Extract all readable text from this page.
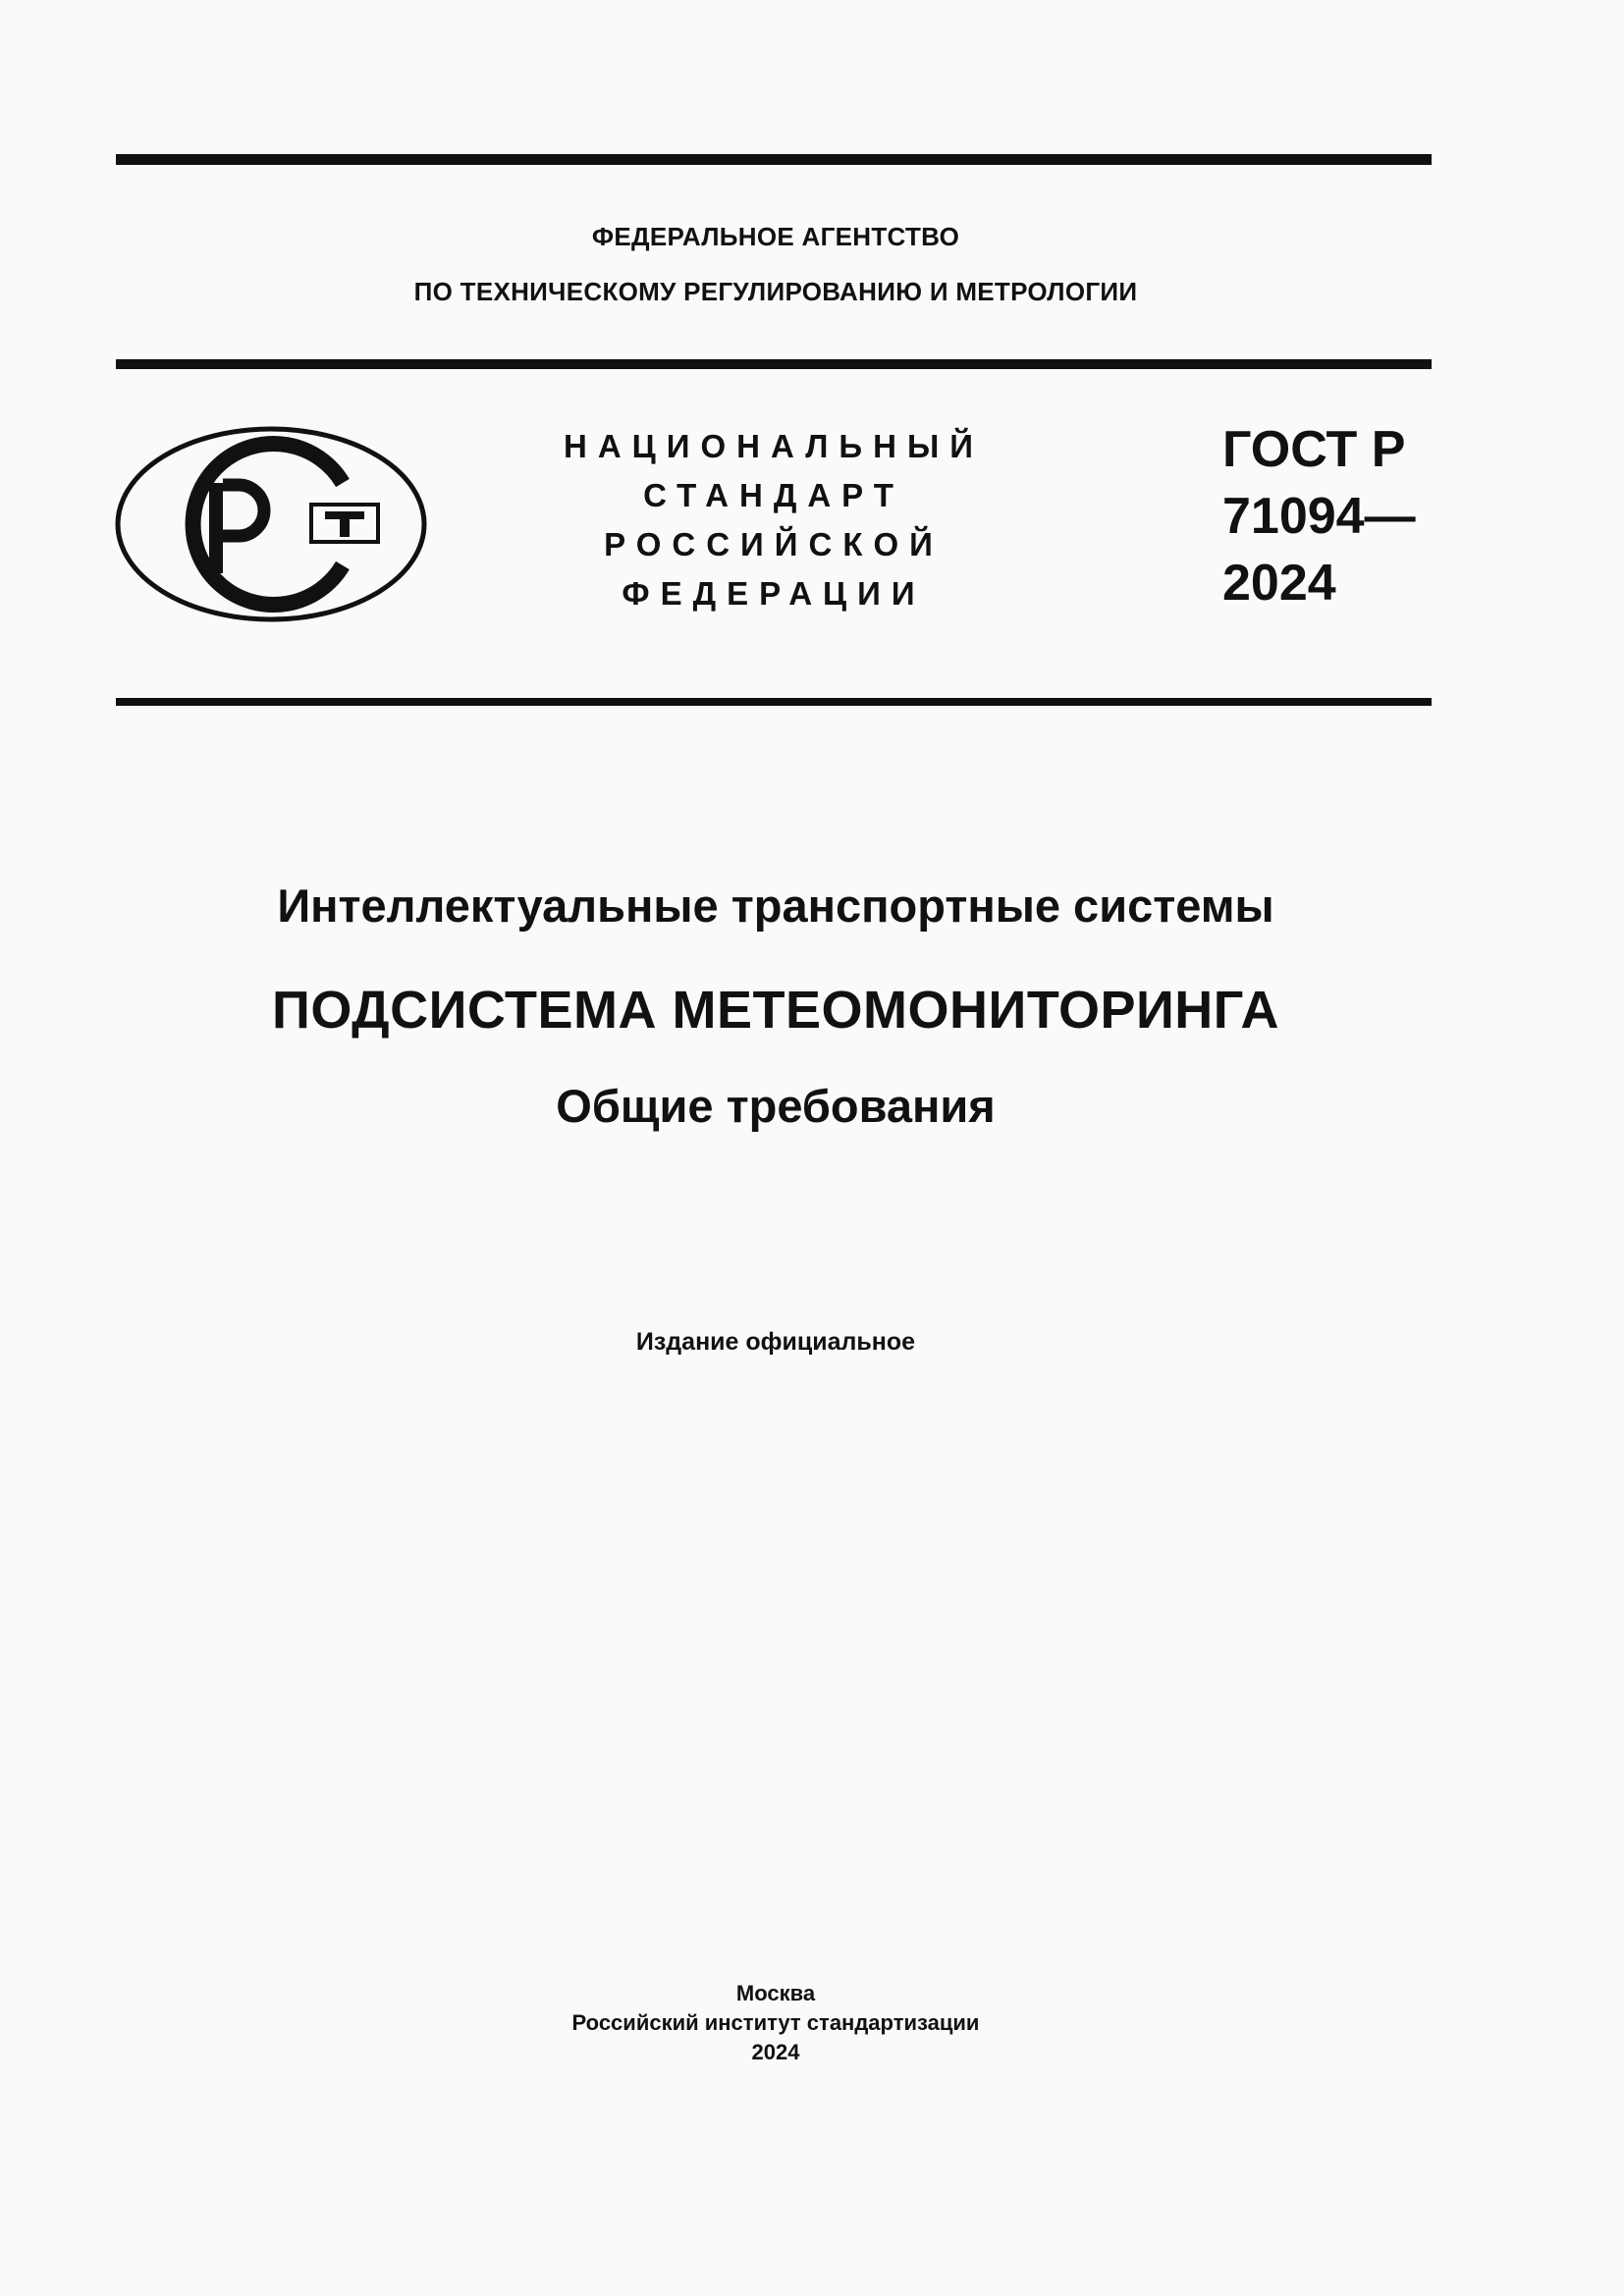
ФЕДЕРАЛЬНОЕ АГЕНТСТВО
ПО ТЕХНИЧЕСКОМУ РЕГУЛИРОВАНИЮ И МЕТРОЛОГИИ
НАЦИОНАЛЬНЫЙ
СТАНДАРТ
РОССИЙСКОЙ
ФЕДЕРАЦИИ
ГОСТ Р
71094—
2024
Интеллектуальные транспортные системы
ПОДСИСТЕМА МЕТЕОМОНИТОРИНГА
Общие требования
Издание официальное
Москва
Российский институт стандартизации
2024
